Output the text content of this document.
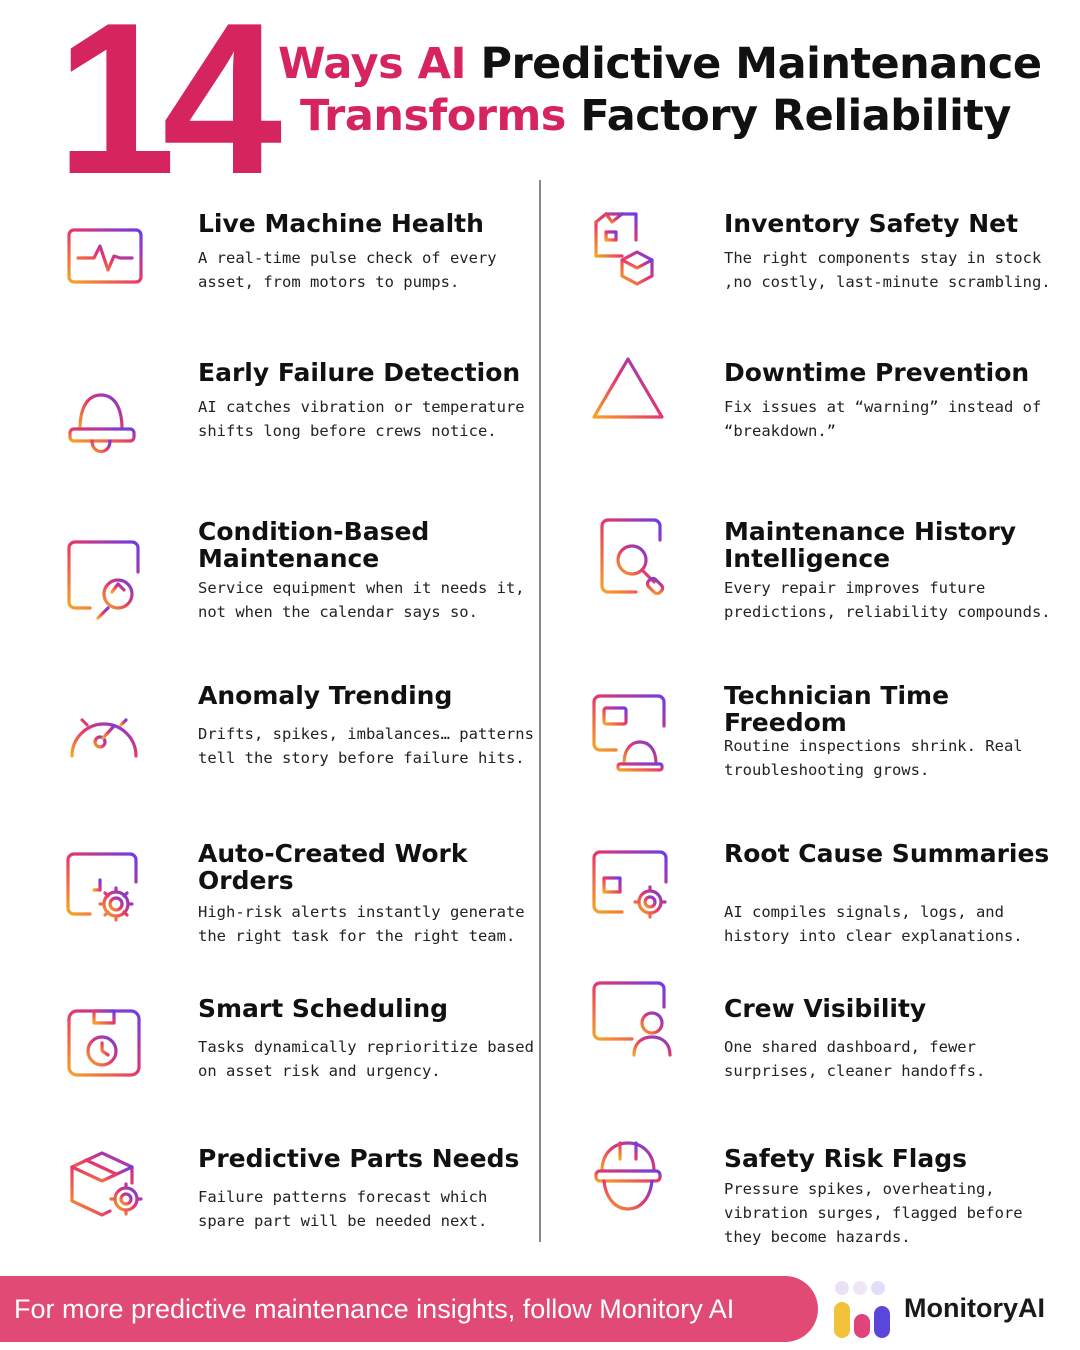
14 Ways AI Predictive Maintenance
Transforms Factory Reliability
Live Machine Health
A real-time pulse check of every asset, from motors to pumps.
Early Failure Detection
AI catches vibration or temperature shifts long before crews notice.
Condition-Based Maintenance
Service equipment when it needs it, not when the calendar says so.
Anomaly Trending
Drifts, spikes, imbalances… patterns tell the story before failure hits.
Auto-Created Work Orders
High-risk alerts instantly generate the right task for the right team.
Smart Scheduling
Tasks dynamically reprioritize based on asset risk and urgency.
Predictive Parts Needs
Failure patterns forecast which spare part will be needed next.
Inventory Safety Net
The right components stay in stock ,no costly, last-minute scrambling.
Downtime Prevention
Fix issues at “warning” instead of “breakdown.”
Maintenance History Intelligence
Every repair improves future predictions, reliability compounds.
Technician Time Freedom
Routine inspections shrink. Real troubleshooting grows.
Root Cause Summaries
AI compiles signals, logs, and history into clear explanations.
Crew Visibility
One shared dashboard, fewer surprises, cleaner handoffs.
Safety Risk Flags
Pressure spikes, overheating, vibration surges, flagged before they become hazards.
For more predictive maintenance insights, follow Monitory AI	MonitoryAI
